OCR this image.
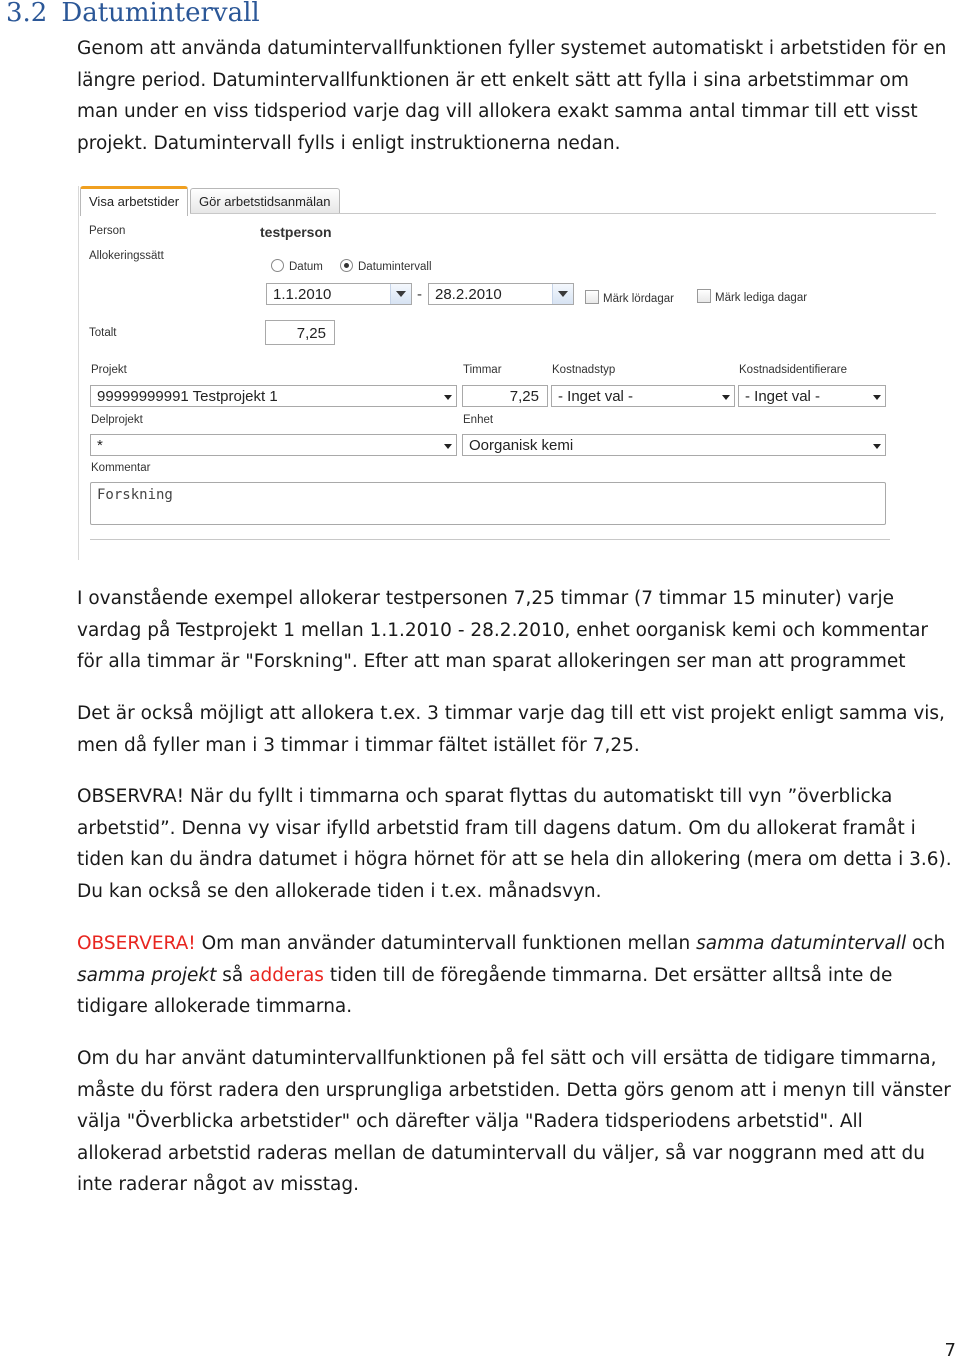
3.2 Datumintervall

Genom att använda datumintervallfunktionen fyller systemet automatiskt i arbetstiden för en längre period. Datumintervallfunktionen är ett enkelt sätt att fylla i sina arbetstimmar om man under en viss tidsperiod varje dag vill allokera exakt samma antal timmar till ett visst projekt. Datumintervall fylls i enligt instruktionerna nedan.

Visa arbetstider	Gör arbetstidsanmälan
Person	testperson
Allokeringssätt
Datum	Datumintervall
1.1.2010	- 28.2.2010	Märk lördagar	Märk lediga dagar
Totalt	7,25
Projekt
99999999991 Testprojekt 1
Timmar
7,25
Kostnadstyp
- Inget val -
Kostnadsidentifierare
- Inget val -
Delprojekt
*
Enhet
Oorganisk kemi
Kommentar
Forskning

I ovanstående exempel allokerar testpersonen 7,25 timmar (7 timmar 15 minuter) varje vardag på Testprojekt 1 mellan 1.1.2010 - 28.2.2010, enhet oorganisk kemi och kommentar för alla timmar är "Forskning". Efter att man sparat allokeringen ser man att programmet

Det är också möjligt att allokera t.ex. 3 timmar varje dag till ett vist projekt enligt samma vis, men då fyller man i 3 timmar i timmar fältet istället för 7,25.

OBSERVRA! När du fyllt i timmarna och sparat flyttas du automatiskt till vyn ”överblicka arbetstid”. Denna vy visar ifylld arbetstid fram till dagens datum. Om du allokerat framåt i tiden kan du ändra datumet i högra hörnet för att se hela din allokering (mera om detta i 3.6). Du kan också se den allokerade tiden i t.ex. månadsvyn.

OBSERVERA! Om man använder datumintervall funktionen mellan samma datumintervall och samma projekt så adderas tiden till de föregående timmarna. Det ersätter alltså inte de tidigare allokerade timmarna.

Om du har använt datumintervallfunktionen på fel sätt och vill ersätta de tidigare timmarna, måste du först radera den ursprungliga arbetstiden. Detta görs genom att i menyn till vänster välja "Överblicka arbetstider" och därefter välja "Radera tidsperiodens arbetstid". All allokerad arbetstid raderas mellan de datumintervall du väljer, så var noggrann med att du inte raderar något av misstag.

7
